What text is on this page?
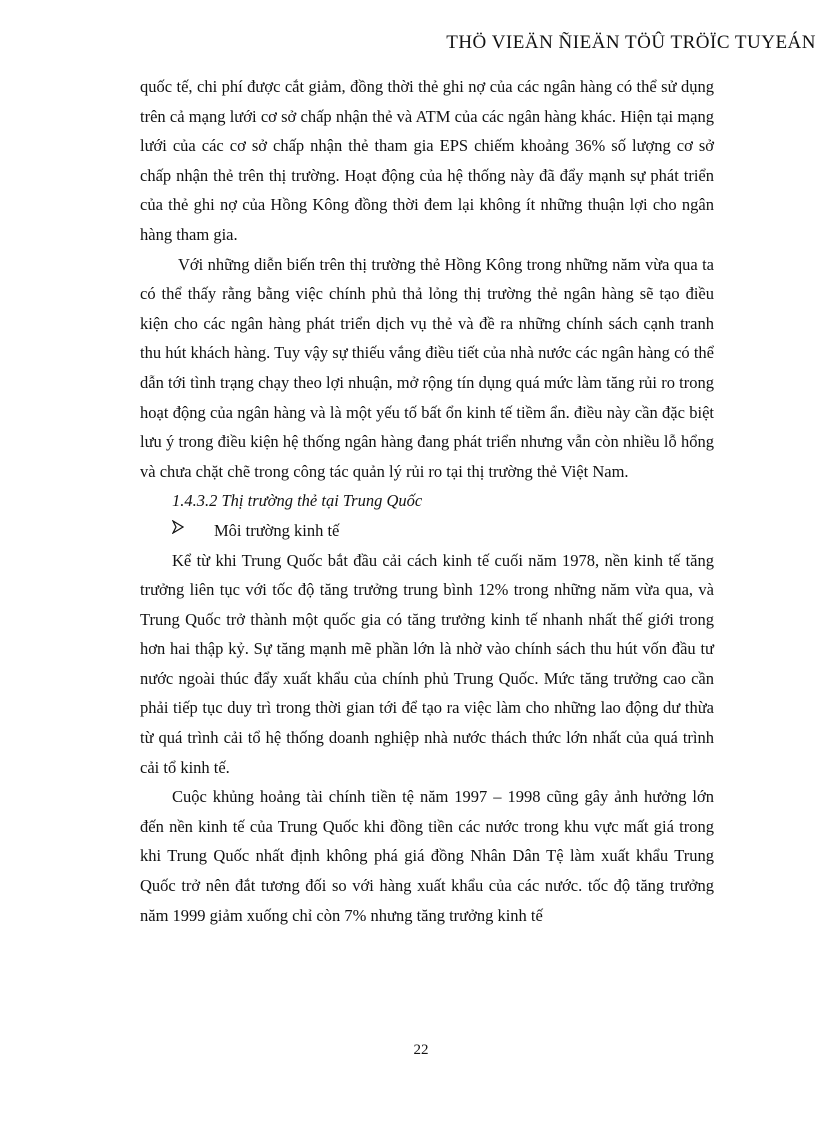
THÖ VIEÄN ÑIEÄN TÖÛ TRÖÏC TUYEÁN

quốc tế, chi phí được cắt giảm, đồng thời thẻ ghi nợ của các ngân hàng có thể sử dụng trên cả mạng lưới cơ sở chấp nhận thẻ và ATM của các ngân hàng khác. Hiện tại mạng lưới của các cơ sở chấp nhận thẻ tham gia EPS chiếm khoảng 36% số lượng cơ sở chấp nhận thẻ trên thị trường. Hoạt động của hệ thống này đã đẩy mạnh sự phát triển của thẻ ghi nợ của Hồng Kông đồng thời đem lại không ít những thuận lợi cho ngân hàng tham gia.

Với những diễn biến trên thị trường thẻ Hồng Kông trong những năm vừa qua ta có thể thấy rằng bằng việc chính phủ thả lỏng thị trường thẻ ngân hàng sẽ tạo điều kiện cho các ngân hàng phát triển dịch vụ thẻ và đề ra những chính sách cạnh tranh thu hút khách hàng. Tuy vậy sự thiếu vắng điều tiết của nhà nước các ngân hàng có thể dẫn tới tình trạng chạy theo lợi nhuận, mở rộng tín dụng quá mức làm tăng rủi ro trong hoạt động của ngân hàng và là một yếu tố bất ổn kinh tế tiềm ẩn. điều này cần đặc biệt lưu ý trong điều kiện hệ thống ngân hàng đang phát triển nhưng vẫn còn nhiều lỗ hổng và chưa chặt chẽ trong công tác quản lý rủi ro tại thị trường thẻ Việt Nam.

1.4.3.2 Thị trường thẻ tại Trung Quốc

Môi trường kinh tế

Kể từ khi Trung Quốc bắt đầu cải cách kinh tế cuối năm 1978, nền kinh tế tăng trưởng liên tục với tốc độ tăng trưởng trung bình 12% trong những năm vừa qua, và Trung Quốc trở thành một quốc gia có tăng trưởng kinh tế nhanh nhất thế giới trong hơn hai thập kỷ. Sự tăng mạnh mẽ phần lớn là nhờ vào chính sách thu hút vốn đầu tư nước ngoài thúc đẩy xuất khẩu của chính phủ Trung Quốc. Mức tăng trưởng cao cần phải tiếp tục duy trì trong thời gian tới để tạo ra việc làm cho những lao động dư thừa từ quá trình cải tổ hệ thống doanh nghiệp nhà nước thách thức lớn nhất của quá trình cải tổ kinh tế.

Cuộc khủng hoảng tài chính tiền tệ năm 1997 – 1998 cũng gây ảnh hưởng lớn đến nền kinh tế của Trung Quốc khi đồng tiền các nước trong khu vực mất giá trong khi Trung Quốc nhất định không phá giá đồng Nhân Dân Tệ làm xuất khẩu Trung Quốc trở nên đắt tương đối so với hàng xuất khẩu của các nước. tốc độ tăng trưởng năm 1999 giảm xuống chỉ còn 7% nhưng tăng trưởng kinh tế

22
